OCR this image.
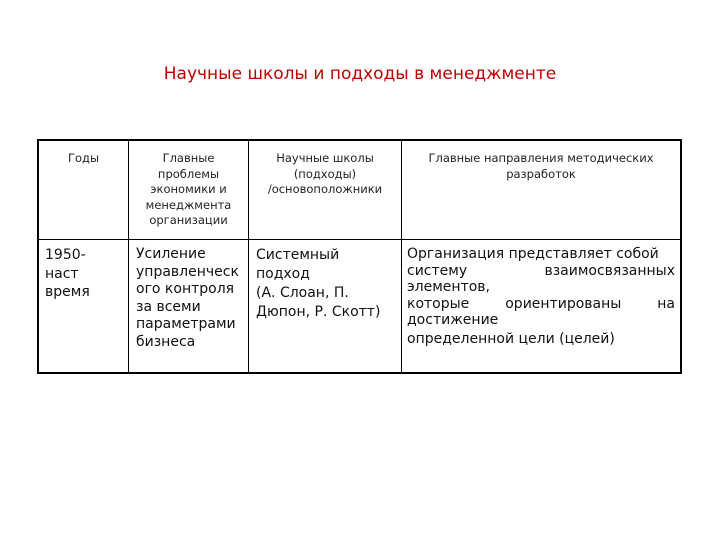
Научные школы и подходы в менеджменте
Годы	Главные
проблемы
экономики и
менеджмента
организации
Научные школы
(подходы)
/основоположники
Главные направления методических
разработок
1950-
наст
время
Усиление
управленческ
ого контроля
за всеми
параметрами
бизнеса
Системный
подход
(А. Слоан, П.
Дюпон, Р. Скотт)
Организация представляет собой
систему взаимосвязанных
элементов,
которые ориентированы на
достижение
определенной цели (целей)
